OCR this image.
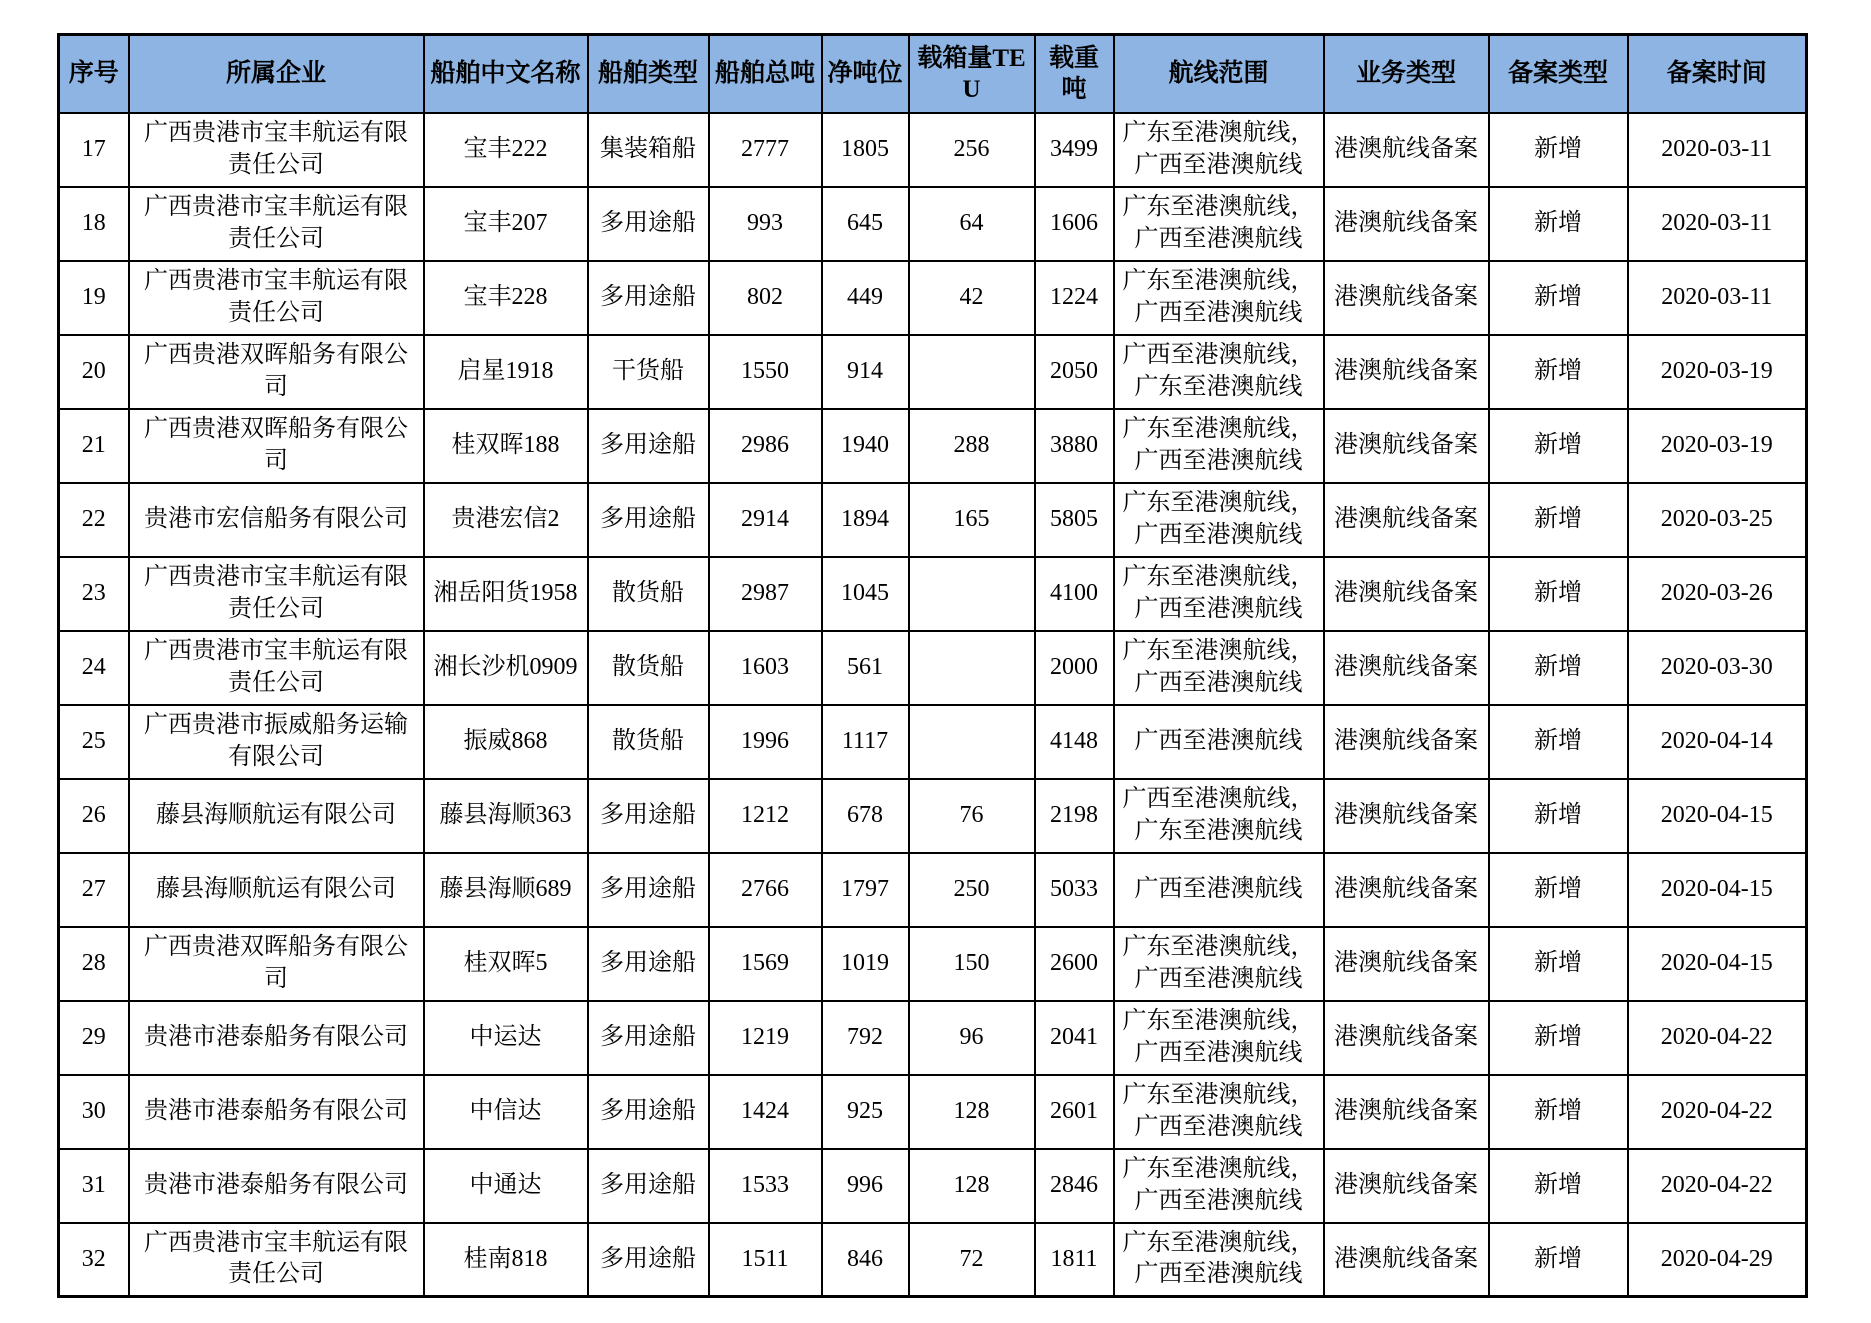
序号	所属企业	船舶中文名称	船舶类型	船舶总吨	净吨位	载箱量TEU	载重吨	航线范围	业务类型	备案类型	备案时间
17	广西贵港市宝丰航运有限责任公司	宝丰222	集装箱船	2777	1805	256	3499	广东至港澳航线，广西至港澳航线	港澳航线备案	新增	2020-03-11
18	广西贵港市宝丰航运有限责任公司	宝丰207	多用途船	993	645	64	1606	广东至港澳航线，广西至港澳航线	港澳航线备案	新增	2020-03-11
19	广西贵港市宝丰航运有限责任公司	宝丰228	多用途船	802	449	42	1224	广东至港澳航线，广西至港澳航线	港澳航线备案	新增	2020-03-11
20	广西贵港双晖船务有限公司	启星1918	干货船	1550	914		2050	广西至港澳航线，广东至港澳航线	港澳航线备案	新增	2020-03-19
21	广西贵港双晖船务有限公司	桂双晖188	多用途船	2986	1940	288	3880	广东至港澳航线，广西至港澳航线	港澳航线备案	新增	2020-03-19
22	贵港市宏信船务有限公司	贵港宏信2	多用途船	2914	1894	165	5805	广东至港澳航线，广西至港澳航线	港澳航线备案	新增	2020-03-25
23	广西贵港市宝丰航运有限责任公司	湘岳阳货1958	散货船	2987	1045		4100	广东至港澳航线，广西至港澳航线	港澳航线备案	新增	2020-03-26
24	广西贵港市宝丰航运有限责任公司	湘长沙机0909	散货船	1603	561		2000	广东至港澳航线，广西至港澳航线	港澳航线备案	新增	2020-03-30
25	广西贵港市振威船务运输有限公司	振威868	散货船	1996	1117		4148	广西至港澳航线	港澳航线备案	新增	2020-04-14
26	藤县海顺航运有限公司	藤县海顺363	多用途船	1212	678	76	2198	广西至港澳航线，广东至港澳航线	港澳航线备案	新增	2020-04-15
27	藤县海顺航运有限公司	藤县海顺689	多用途船	2766	1797	250	5033	广西至港澳航线	港澳航线备案	新增	2020-04-15
28	广西贵港双晖船务有限公司	桂双晖5	多用途船	1569	1019	150	2600	广东至港澳航线，广西至港澳航线	港澳航线备案	新增	2020-04-15
29	贵港市港泰船务有限公司	中运达	多用途船	1219	792	96	2041	广东至港澳航线，广西至港澳航线	港澳航线备案	新增	2020-04-22
30	贵港市港泰船务有限公司	中信达	多用途船	1424	925	128	2601	广东至港澳航线，广西至港澳航线	港澳航线备案	新增	2020-04-22
31	贵港市港泰船务有限公司	中通达	多用途船	1533	996	128	2846	广东至港澳航线，广西至港澳航线	港澳航线备案	新增	2020-04-22
32	广西贵港市宝丰航运有限责任公司	桂南818	多用途船	1511	846	72	1811	广东至港澳航线，广西至港澳航线	港澳航线备案	新增	2020-04-29
